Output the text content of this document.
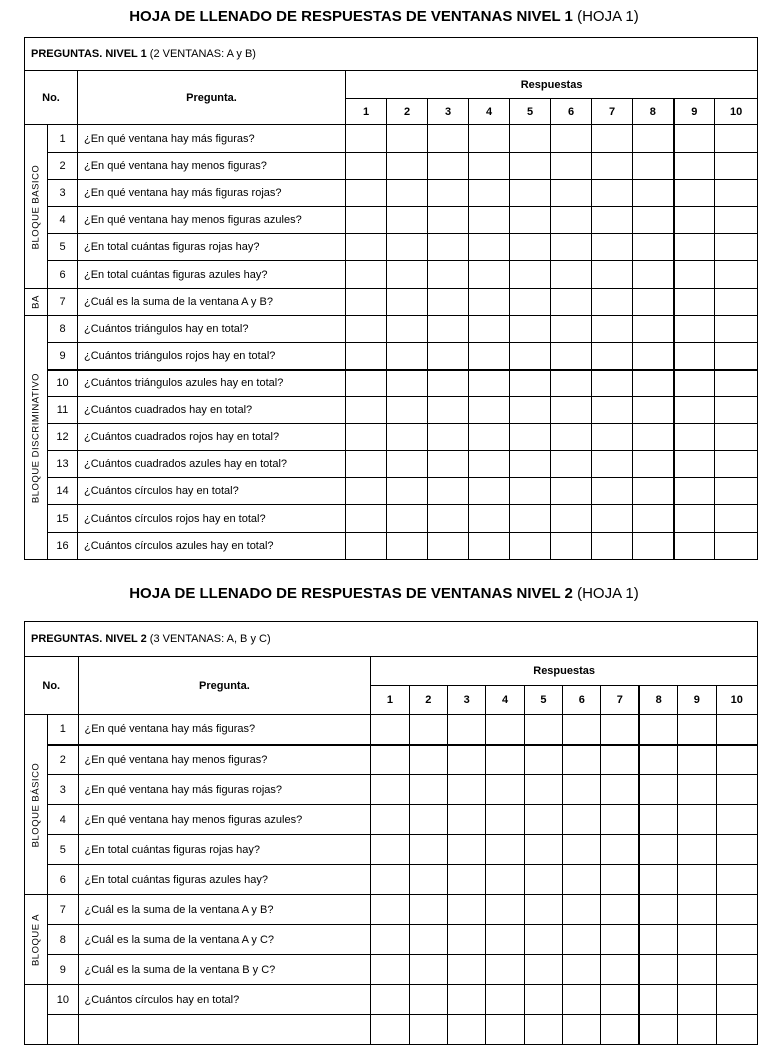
HOJA DE LLENADO DE RESPUESTAS DE VENTANAS NIVEL 1 (HOJA 1)
PREGUNTAS. NIVEL 1 (2 VENTANAS: A y B)												
No.		Pregunta.	Respuestas									
			1	2	3	4	5	6	7	8	9	10

BLOQUE BASICO	1	¿En qué ventana hay más figuras?										
	2	¿En qué ventana hay menos figuras?										
	3	¿En qué ventana hay más figuras rojas?										
	4	¿En qué ventana hay menos figuras azules?										
	5	¿En total cuántas figuras rojas hay?										
	6	¿En total cuántas figuras azules hay?										

BA	7	¿Cuál es la suma de la ventana A y B?										

BLOQUE DISCRIMINATIVO	8	¿Cuántos triángulos hay en total?										
	9	¿Cuántos triángulos rojos hay en total?										
	10	¿Cuántos triángulos azules hay en total?										
	11	¿Cuántos cuadrados hay en total?										
	12	¿Cuántos cuadrados rojos hay en total?										
	13	¿Cuántos cuadrados azules hay en total?										
	14	¿Cuántos círculos hay en total?										
	15	¿Cuántos círculos rojos hay en total?										
	16	¿Cuántos círculos azules hay en total?										
HOJA DE LLENADO DE RESPUESTAS DE VENTANAS NIVEL 2 (HOJA 1)
PREGUNTAS. NIVEL 2 (3 VENTANAS: A, B y C)												
No.		Pregunta.	Respuestas									
			1	2	3	4	5	6	7	8	9	10

BLOQUE BÁSICO	1	¿En qué ventana hay más figuras?										
	2	¿En qué ventana hay menos figuras?										
	3	¿En qué ventana hay más figuras rojas?										
	4	¿En qué ventana hay menos figuras azules?										
	5	¿En total cuántas figuras rojas hay?										
	6	¿En total cuántas figuras azules hay?										

BLOQUE A	7	¿Cuál es la suma de la ventana A y B?										
	8	¿Cuál es la suma de la ventana A y C?										
	9	¿Cuál es la suma de la ventana B y C?										
	10	¿Cuántos círculos hay en total?										
